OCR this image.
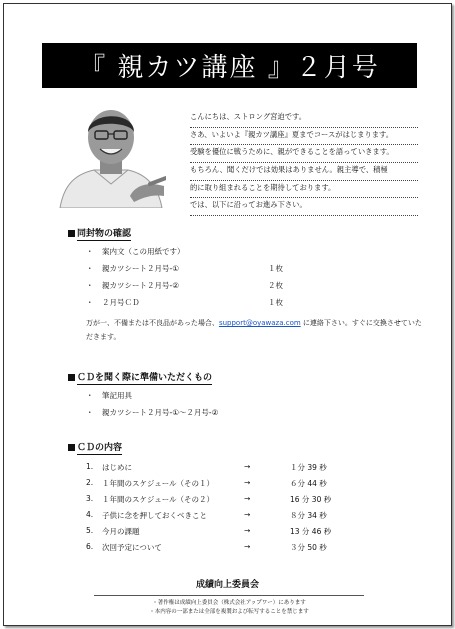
『 親カツ講座 』２月号
こんにちは、ストロング宮迫です。
さあ、いよいよ『親カツ講座』夏までコースがはじまります。
受験を優位に戦うために、親ができることを語っていきます。
もちろん、聞くだけでは効果はありません。親主導で、積極
的に取り組まれることを期待しております。
では、以下に沿ってお進み下さい。
同封物の確認
・ 案内文（この用紙です）
・ 親カツシート２月号-①	１枚
・ 親カツシート２月号-②	２枚
・ ２月号ＣＤ	１枚
万が一、不備または不良品があった場合、support@oyawaza.com に連絡下さい。すぐに交換させていただきます。
ＣＤを聞く際に準備いただくもの
・ 筆記用具
・ 親カツシート２月号-①～２月号-②
ＣＤの内容
1. はじめに	→	１分 39 秒
2. １年間のスケジュール（その１）	→	６分 44 秒
3. １年間のスケジュール（その２）	→	16 分 30 秒
4. 子供に念を押しておくべきこと	→	８分 34 秒
5. 今月の課題	→	13 分 46 秒
6. 次回予定について	→	３分 50 秒
成績向上委員会
・著作権は成績向上委員会（株式会社アップワー）にあります
・本内容の一部または全部を複製および転写することを禁じます
